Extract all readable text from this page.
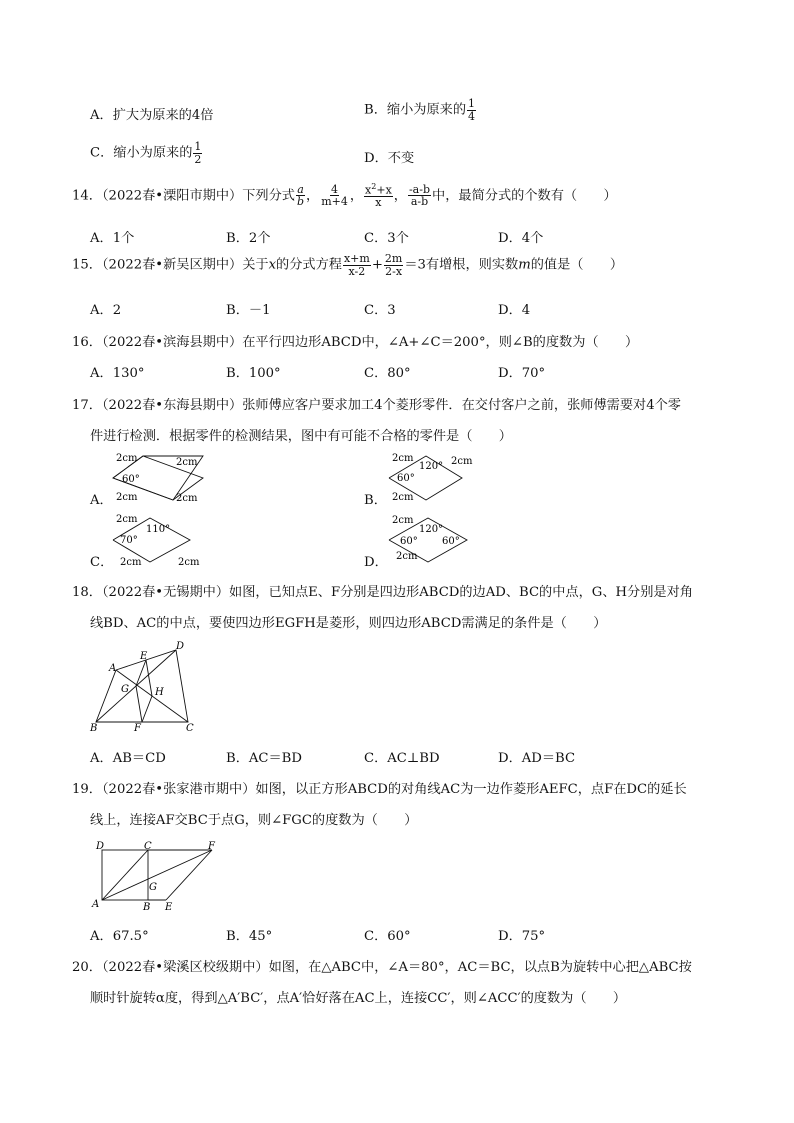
A．扩大为原来的4倍	B．缩小为原来的 $\frac{1}{4}$
C．缩小为原来的 $\frac{1}{2}$	D．不变
14．（2022春•溧阳市期中）下列分式 $\frac{a}{b}$ ， $\frac{4}{m+4}$ ， $\frac{x^2+x}{x}$ ， $\frac{-a-b}{a-b}$ 中，最简分式的个数有（　　）
A．1个	B．2个	C．3个	D．4个
15．（2022春•新吴区期中）关于x的分式方程 $\frac{x+m}{x-2} + \frac{2m}{2-x} =3$有增根，则实数m的值是（　　）
A．2	B．－1	C．3	D．4
16．（2022春•滨海县期中）在平行四边形ABCD中，∠A+∠C＝200°，则∠B的度数为（　　）
A．130°	B．100°	C．80°	D．70°
17．（2022春•东海县期中）张师傅应客户要求加工4个菱形零件．在交付客户之前，张师傅需要对4个零
件进行检测．根据零件的检测结果，图中有可能不合格的零件是（　　）
A．
2cm	2cm
2cm	2cm
60°
B．
2cm	2cm
2cm
60°
120°
C．
2cm
2cm	2cm
70°
110°
D．
2cm
2cm
60°
120°
60°
18．（2022春•无锡期中）如图，已知点E、F分别是四边形ABCD的边AD、BC的中点，G、H分别是对角
线BD、AC的中点，要使四边形EGFH是菱形，则四边形ABCD需满足的条件是（　　）
A
D
E
G	H
B	F	C
A．AB＝CD	B．AC＝BD	C．AC⊥BD	D．AD＝BC
19．（2022春•张家港市期中）如图，以正方形ABCD的对角线AC为一边作菱形AEFC，点F在DC的延长
线上，连接AF交BC于点G，则∠FGC的度数为（　　）
D	C	F
G
A	B E
A．67.5°	B．45°	C．60°	D．75°
20．（2022春•梁溪区校级期中）如图，在△ABC中，∠A＝80°，AC＝BC，以点B为旋转中心把△ABC按
顺时针旋转α度，得到△A′BC′，点A′恰好落在AC上，连接CC′，则∠ACC′的度数为（　　）
